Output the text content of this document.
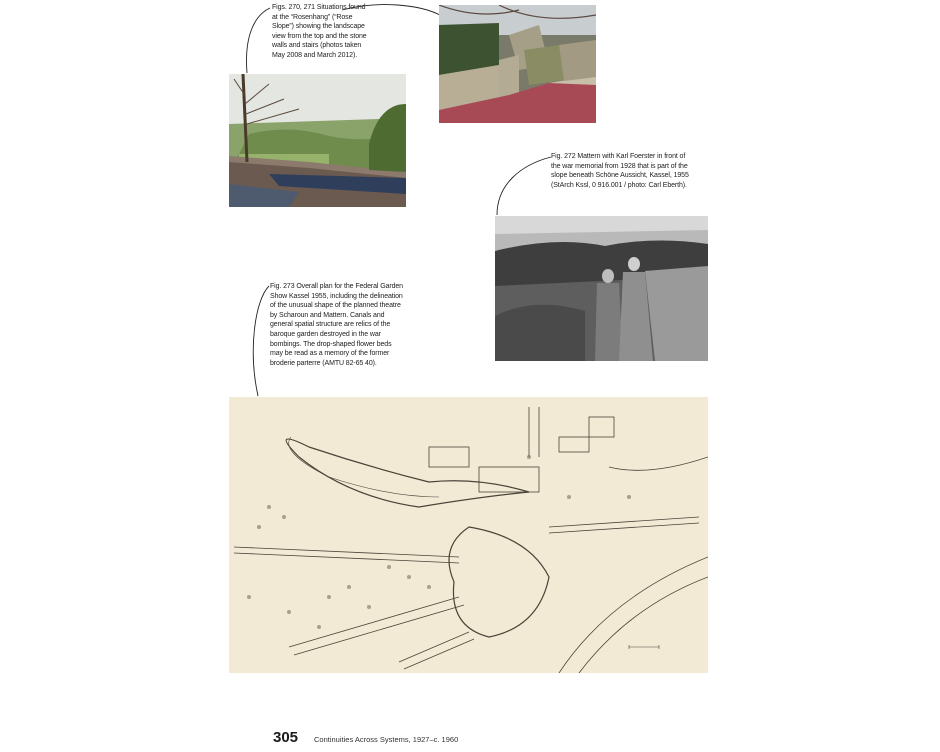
Figs. 270, 271 Situations found at the “Rosenhang” (“Rose Slope”) showing the landscape view from the top and the stone walls and stairs (photos taken May 2008 and March 2012).
Fig. 272 Mattern with Karl Foerster in front of the war memorial from 1928 that is part of the slope beneath Schöne Aussicht, Kassel, 1955 (StArch Kssl, 0 916.001 / photo: Carl Eberth).
Fig. 273 Overall plan for the Federal Garden Show Kassel 1955, including the delineation of the unusual shape of the planned theatre by Scharoun and Mattern. Canals and general spatial structure are relics of the baroque garden destroyed in the war bombings. The drop-shaped flower beds may be read as a memory of the former broderie parterre (AMTU 82-65 40).
305 Continuities Across Systems, 1927–c. 1960
